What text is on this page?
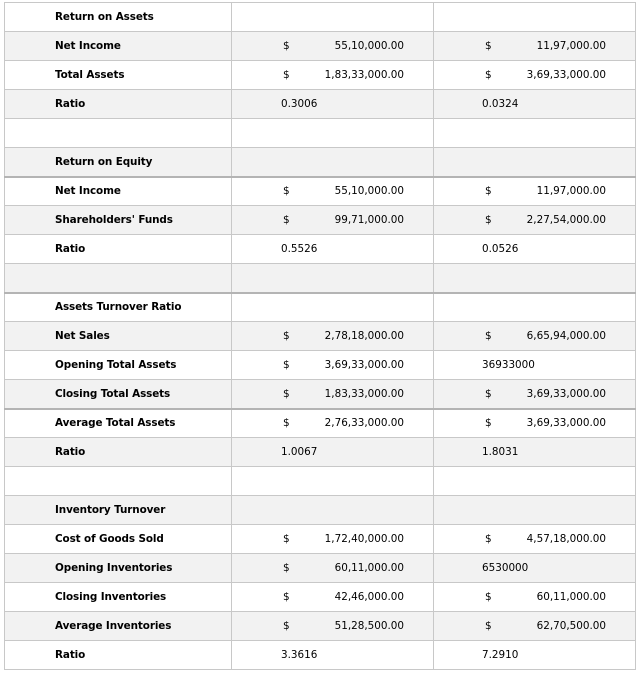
Return on Assets		
Net Income	$ 55,10,000.00	$ 11,97,000.00

Total Assets	$ 1,83,33,000.00	$ 3,69,33,000.00

Ratio	0.3006	0.0324

Return on Equity		
Net Income	$ 55,10,000.00	$ 11,97,000.00

Shareholders' Funds	$ 99,71,000.00	$ 2,27,54,000.00

Ratio	0.5526	0.0526

Assets Turnover Ratio		
Net Sales	$ 2,78,18,000.00	$ 6,65,94,000.00

Opening Total Assets	$ 3,69,33,000.00	36933000

Closing Total Assets	$ 1,83,33,000.00	$ 3,69,33,000.00

Average Total Assets	$ 2,76,33,000.00	$ 3,69,33,000.00

Ratio	1.0067	1.8031

Inventory Turnover		
Cost of Goods Sold	$ 1,72,40,000.00	$ 4,57,18,000.00

Opening Inventories	$ 60,11,000.00	6530000

Closing Inventories	$ 42,46,000.00	$ 60,11,000.00

Average Inventories	$ 51,28,500.00	$ 62,70,500.00

Ratio	3.3616	7.2910
